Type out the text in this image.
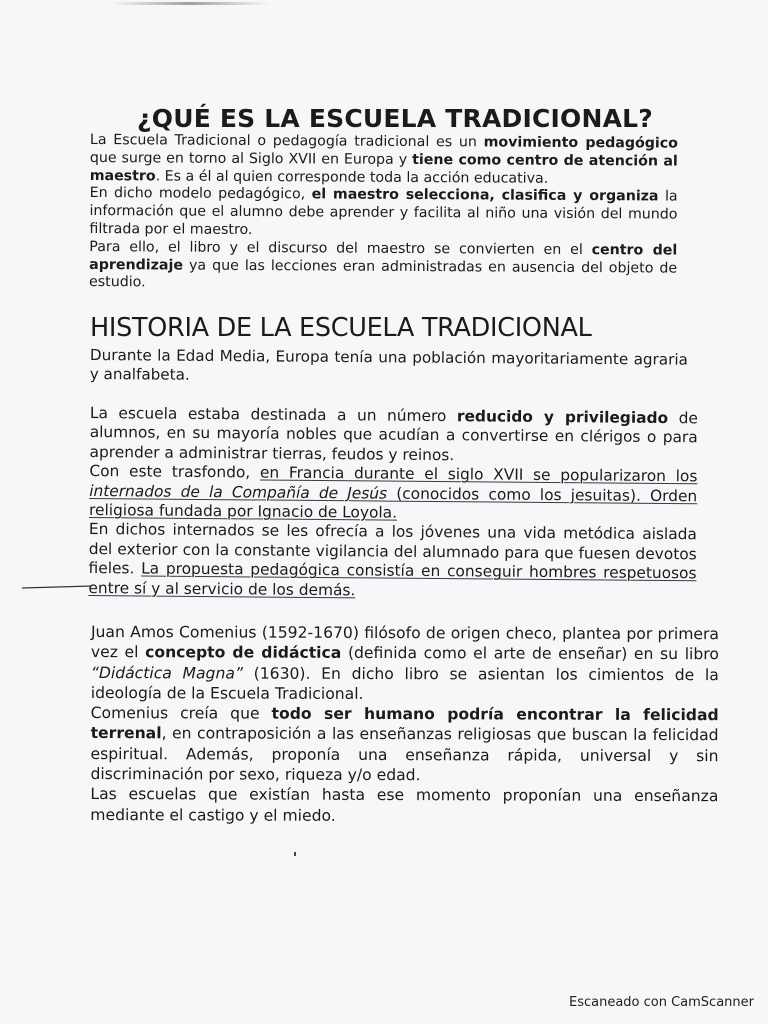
¿QUÉ ES LA ESCUELA TRADICIONAL?

La Escuela Tradicional o pedagogía tradicional es un movimiento pedagógico que surge en torno al Siglo XVII en Europa y tiene como centro de atención al maestro. Es a él al quien corresponde toda la acción educativa.

En dicho modelo pedagógico, el maestro selecciona, clasifica y organiza la información que el alumno debe aprender y facilita al niño una visión del mundo filtrada por el maestro.

Para ello, el libro y el discurso del maestro se convierten en el centro del aprendizaje ya que las lecciones eran administradas en ausencia del objeto de estudio.

HISTORIA DE LA ESCUELA TRADICIONAL

Durante la Edad Media, Europa tenía una población mayoritariamente agraria y analfabeta.

La escuela estaba destinada a un número reducido y privilegiado de alumnos, en su mayoría nobles que acudían a convertirse en clérigos o para aprender a administrar tierras, feudos y reinos.

Con este trasfondo, en Francia durante el siglo XVII se popularizaron los internados de la Compañía de Jesús (conocidos como los jesuitas). Orden religiosa fundada por Ignacio de Loyola.

En dichos internados se les ofrecía a los jóvenes una vida metódica aislada del exterior con la constante vigilancia del alumnado para que fuesen devotos fieles. La propuesta pedagógica consistía en conseguir hombres respetuosos entre sí y al servicio de los demás.

Juan Amos Comenius (1592-1670) filósofo de origen checo, plantea por primera vez el concepto de didáctica (definida como el arte de enseñar) en su libro “Didáctica Magna” (1630). En dicho libro se asientan los cimientos de la ideología de la Escuela Tradicional.

Comenius creía que todo ser humano podría encontrar la felicidad terrenal, en contraposición a las enseñanzas religiosas que buscan la felicidad espiritual. Además, proponía una enseñanza rápida, universal y sin discriminación por sexo, riqueza y/o edad.

Las escuelas que existían hasta ese momento proponían una enseñanza mediante el castigo y el miedo.

Escaneado con CamScanner
